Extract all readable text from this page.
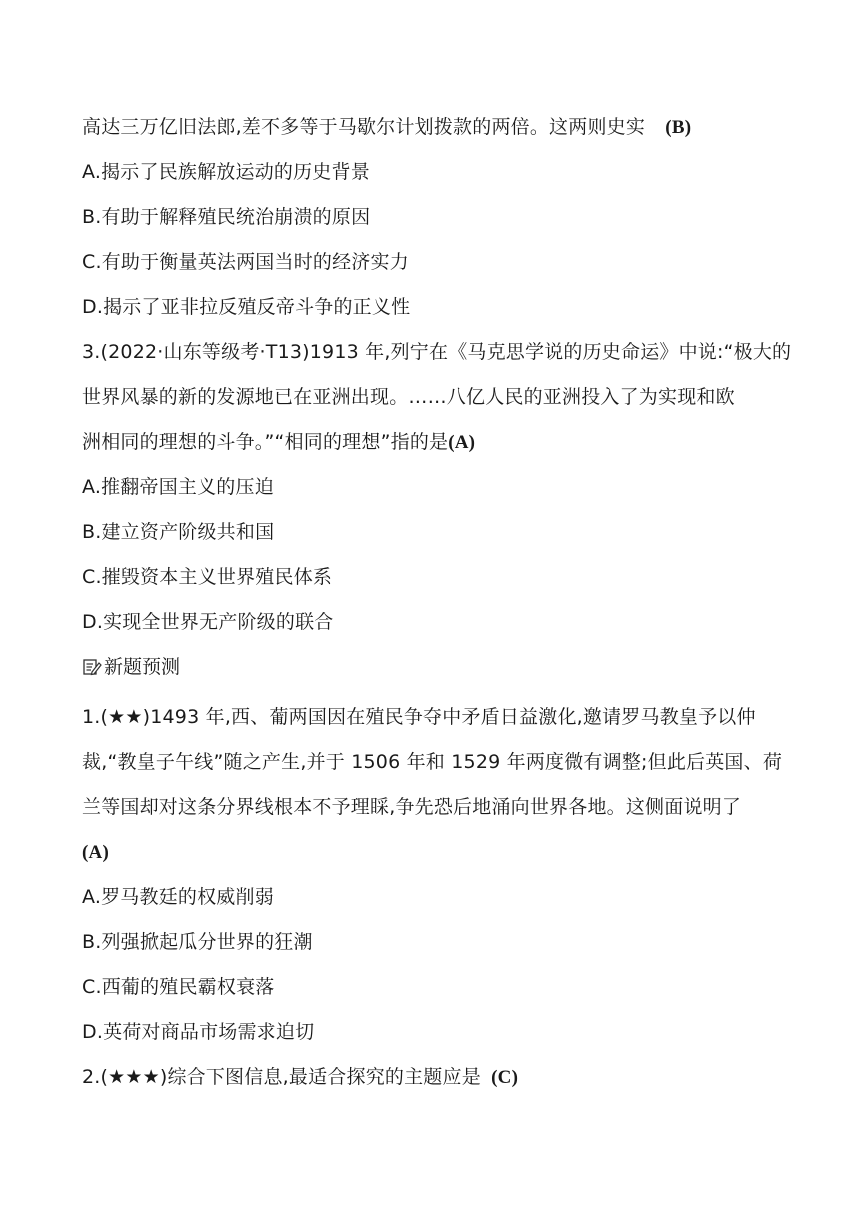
高达三万亿旧法郎,差不多等于马歇尔计划拨款的两倍。这两则史实 (B)
A.揭示了民族解放运动的历史背景
B.有助于解释殖民统治崩溃的原因
C.有助于衡量英法两国当时的经济实力
D.揭示了亚非拉反殖反帝斗争的正义性
3.(2022·山东等级考·T13)1913 年,列宁在《马克思学说的历史命运》中说:“极大的
世界风暴的新的发源地已在亚洲出现。……八亿人民的亚洲投入了为实现和欧
洲相同的理想的斗争。”“相同的理想”指的是(A)
A.推翻帝国主义的压迫
B.建立资产阶级共和国
C.摧毁资本主义世界殖民体系
D.实现全世界无产阶级的联合
新题预测
1.(★★)1493 年,西、葡两国因在殖民争夺中矛盾日益激化,邀请罗马教皇予以仲
裁,“教皇子午线”随之产生,并于 1506 年和 1529 年两度微有调整;但此后英国、荷
兰等国却对这条分界线根本不予理睬,争先恐后地涌向世界各地。这侧面说明了
(A)
A.罗马教廷的权威削弱
B.列强掀起瓜分世界的狂潮
C.西葡的殖民霸权衰落
D.英荷对商品市场需求迫切
2.(★★★)综合下图信息,最适合探究的主题应是 (C)
